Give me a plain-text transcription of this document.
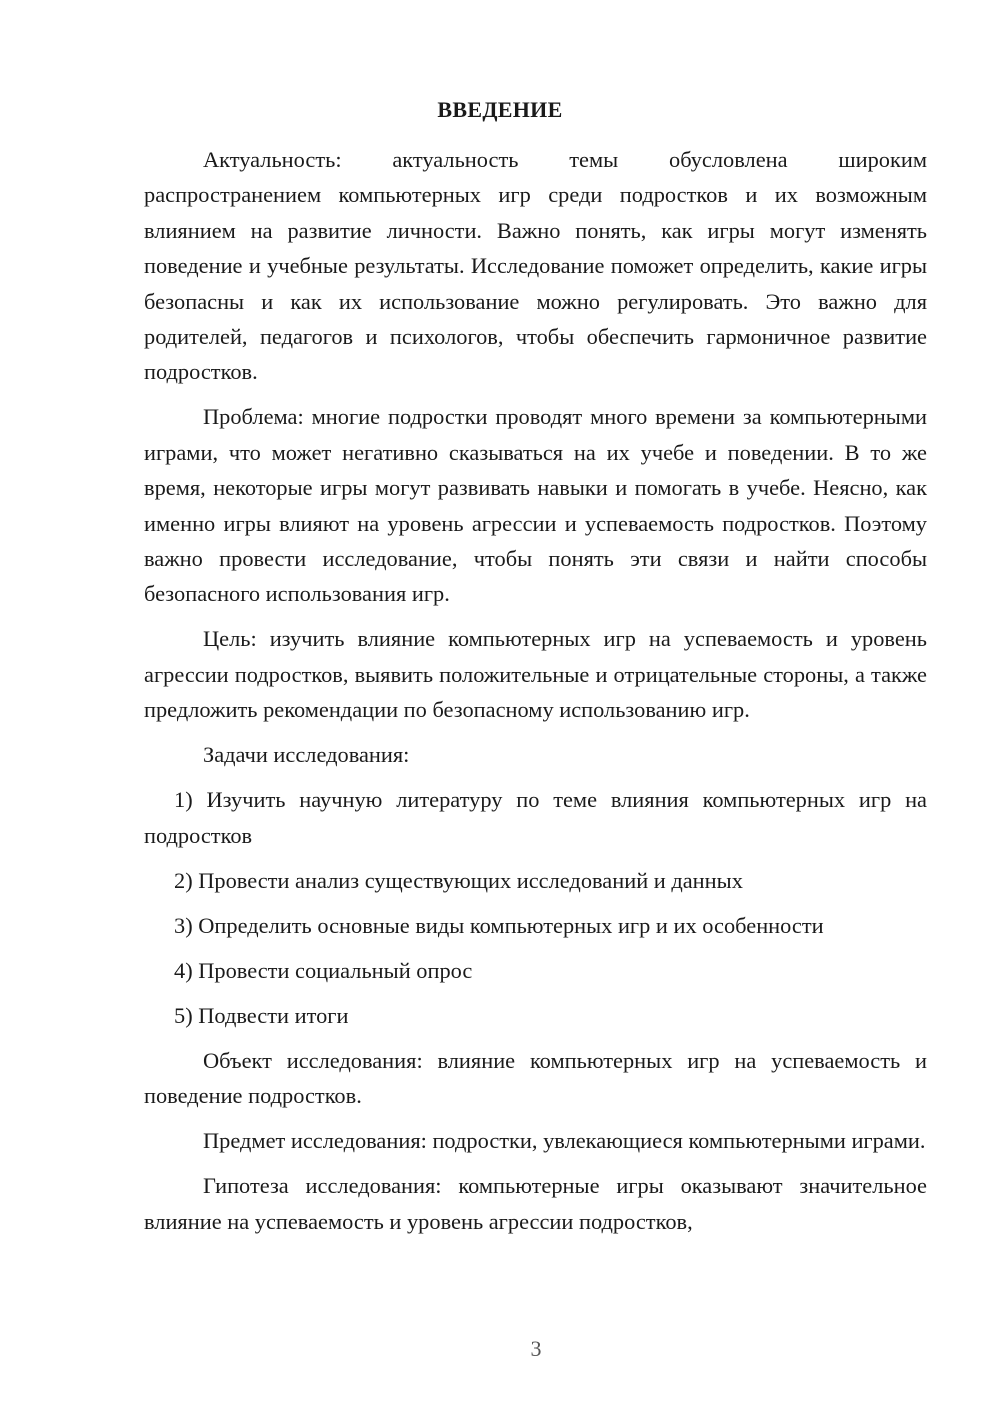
ВВЕДЕНИЕ

Актуальность: актуальность темы обусловлена широким распространением компьютерных игр среди подростков и их возможным влиянием на развитие личности. Важно понять, как игры могут изменять поведение и учебные результаты. Исследование поможет определить, какие игры безопасны и как их использование можно регулировать. Это важно для родителей, педагогов и психологов, чтобы обеспечить гармоничное развитие подростков.

Проблема: многие подростки проводят много времени за компьютерными играми, что может негативно сказываться на их учебе и поведении. В то же время, некоторые игры могут развивать навыки и помогать в учебе. Неясно, как именно игры влияют на уровень агрессии и успеваемость подростков. Поэтому важно провести исследование, чтобы понять эти связи и найти способы безопасного использования игр.

Цель: изучить влияние компьютерных игр на успеваемость и уровень агрессии подростков, выявить положительные и отрицательные стороны, а также предложить рекомендации по безопасному использованию игр.

Задачи исследования:

1) Изучить научную литературу по теме влияния компьютерных игр на подростков

2) Провести анализ существующих исследований и данных

3) Определить основные виды компьютерных игр и их особенности

4) Провести социальный опрос

5) Подвести итоги

Объект исследования: влияние компьютерных игр на успеваемость и поведение подростков.

Предмет исследования: подростки, увлекающиеся компьютерными играми.

Гипотеза исследования: компьютерные игры оказывают значительное влияние на успеваемость и уровень агрессии подростков,

3
